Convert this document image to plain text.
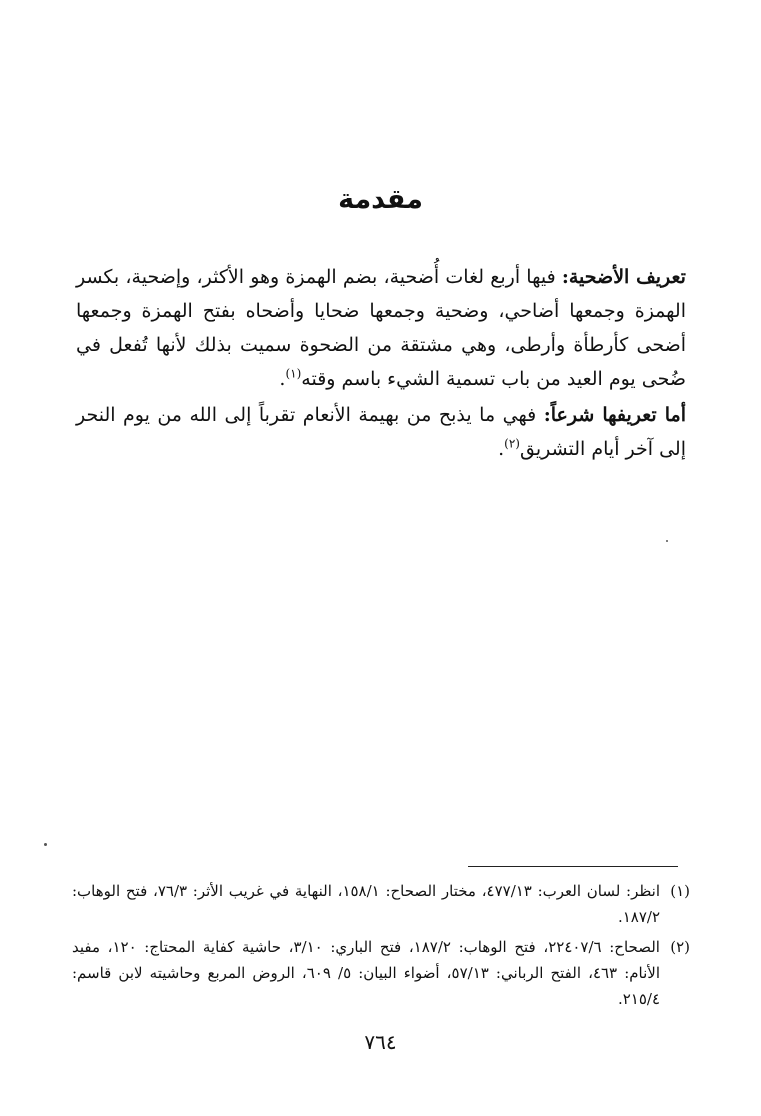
مقدمة

تعريف الأضحية: فيها أربع لغات أُضحية، بضم الهمزة وهو الأكثر، وإضحية، بكسر الهمزة وجمعها أضاحي، وضحية وجمعها ضحايا وأضحاه بفتح الهمزة وجمعها أضحى كأرطأة وأرطى، وهي مشتقة من الضحوة سميت بذلك لأنها تُفعل في ضُحى يوم العيد من باب تسمية الشيء باسم وقته$^{(١)}$.

أما تعريفها شرعاً: فهي ما يذبح من بهيمة الأنعام تقرباً إلى الله من يوم النحر إلى آخر أيام التشريق$^{(٢)}$.

(١)
انظر: لسان العرب: ٤٧٧/١٣، مختار الصحاح: ١٥٨/١، النهاية في غريب الأثر: ٧٦/٣، فتح الوهاب: ١٨٧/٢.
(٢)
الصحاح: ٢٢٤٠٧/٦، فتح الوهاب: ١٨٧/٢، فتح الباري: ٣/١٠، حاشية كفاية المحتاج: ١٢٠، مفيد الأنام: ٤٦٣، الفتح الرباني: ٥٧/١٣، أضواء البيان: ٥/ ٦٠٩، الروض المربع وحاشيته لابن قاسم: ٢١٥/٤.
٧٦٤
